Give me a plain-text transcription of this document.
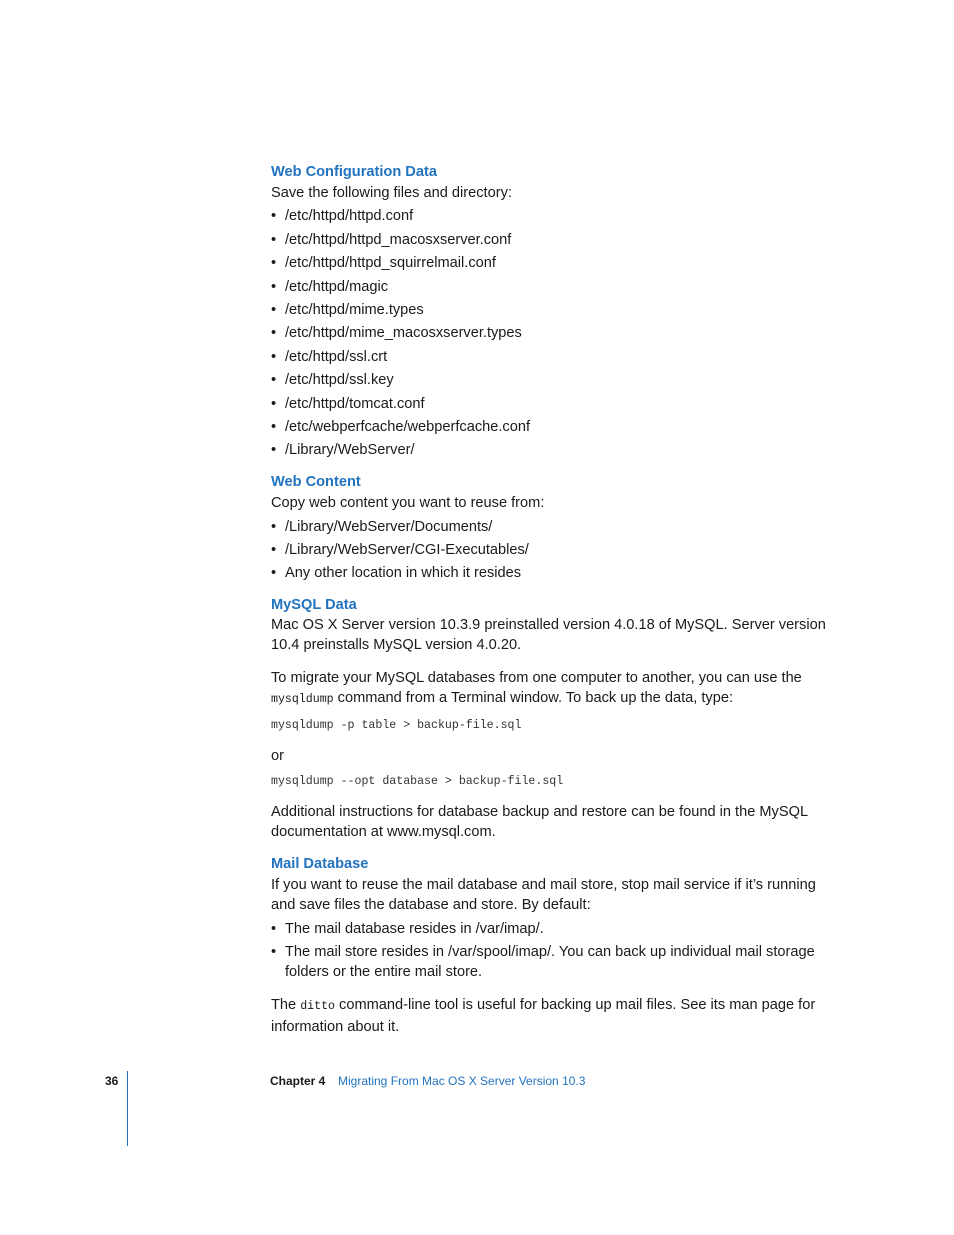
Web Configuration Data

Save the following files and directory:

• /etc/httpd/httpd.conf
• /etc/httpd/httpd_macosxserver.conf
• /etc/httpd/httpd_squirrelmail.conf
• /etc/httpd/magic
• /etc/httpd/mime.types
• /etc/httpd/mime_macosxserver.types
• /etc/httpd/ssl.crt
• /etc/httpd/ssl.key
• /etc/httpd/tomcat.conf
• /etc/webperfcache/webperfcache.conf
• /Library/WebServer/
Web Content

Copy web content you want to reuse from:

• /Library/WebServer/Documents/
• /Library/WebServer/CGI-Executables/
• Any other location in which it resides
MySQL Data

Mac OS X Server version 10.3.9 preinstalled version 4.0.18 of MySQL. Server version 10.4 preinstalls MySQL version 4.0.20.

To migrate your MySQL databases from one computer to another, you can use the
mysqldump command from a Terminal window. To back up the data, type:

mysqldump -p table > backup-file.sql

or

mysqldump --opt database > backup-file.sql

Additional instructions for database backup and restore can be found in the MySQL documentation at www.mysql.com.

Mail Database

If you want to reuse the mail database and mail store, stop mail service if it’s running and save files the database and store. By default:

• The mail database resides in /var/imap/.
• The mail store resides in /var/spool/imap/. You can back up individual mail storage folders or the entire mail store.

The ditto command-line tool is useful for backing up mail files. See its man page for information about it.

36	Chapter 4 Migrating From Mac OS X Server Version 10.3
